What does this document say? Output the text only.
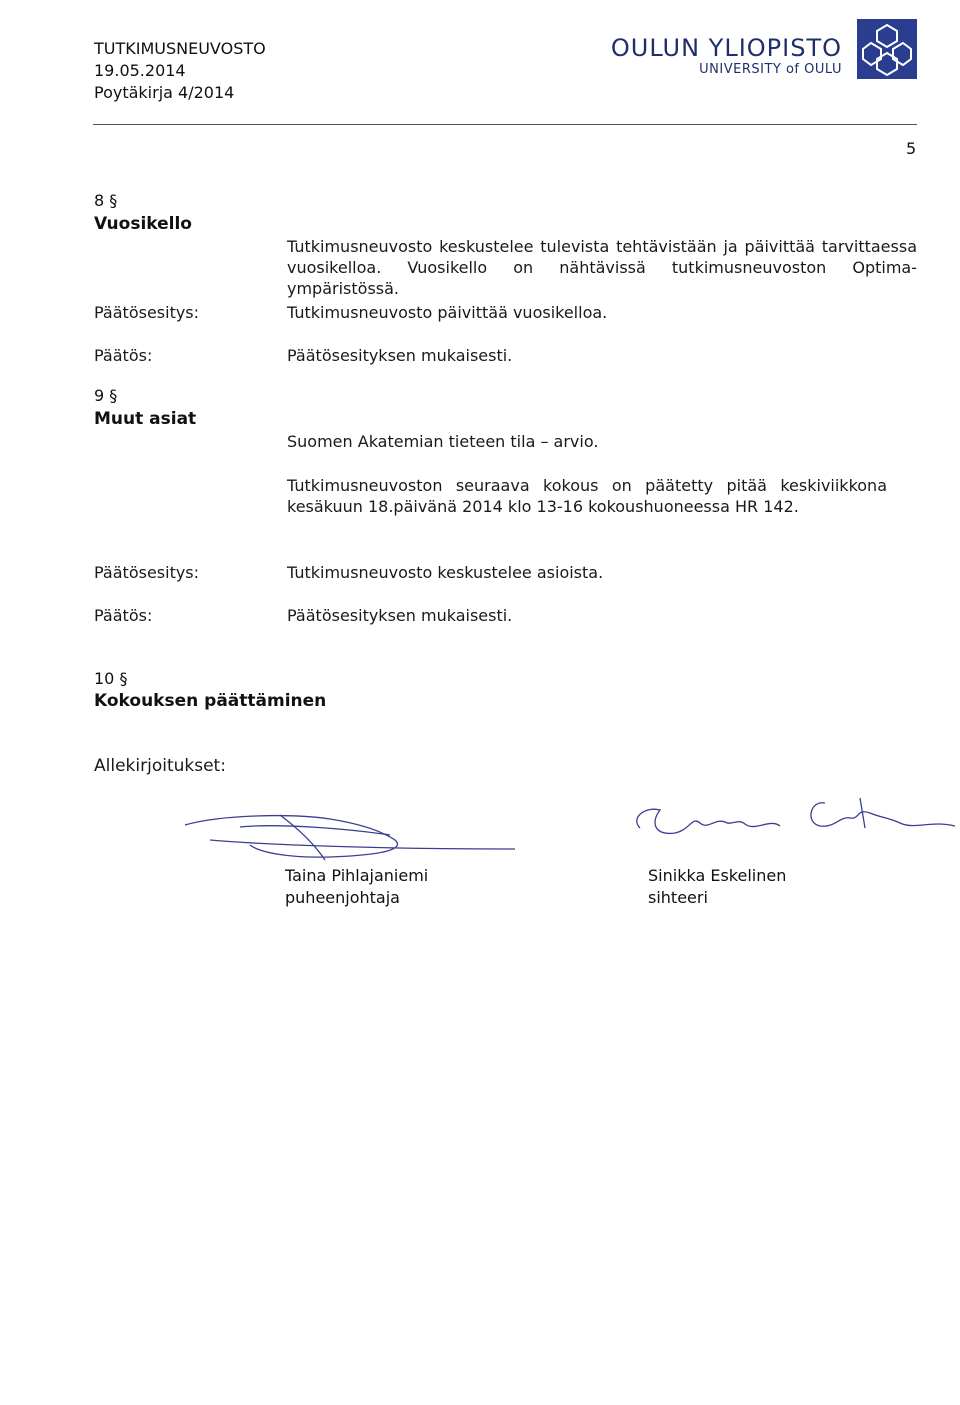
TUTKIMUSNEUVOSTO
19.05.2014
Poytäkirja 4/2014
OULUN YLIOPISTO
UNIVERSITY of OULU
5
8 §
Vuosikello
Tutkimusneuvosto keskustelee tulevista tehtävistään ja päivittää tarvittaessa vuosikelloa. Vuosikello on nähtävissä tutkimusneuvoston Optima-ympäristössä.
Päätösesitys:	Tutkimusneuvosto päivittää vuosikelloa.
Päätös:	Päätösesityksen mukaisesti.
9 §
Muut asiat
Suomen Akatemian tieteen tila – arvio.
Tutkimusneuvoston seuraava kokous on päätetty pitää keskiviikkona kesäkuun 18.päivänä 2014 klo 13-16 kokoushuoneessa HR 142.
Päätösesitys:	Tutkimusneuvosto keskustelee asioista.
Päätös:	Päätösesityksen mukaisesti.
10 §
Kokouksen päättäminen
Allekirjoitukset:
Taina Pihlajaniemi
puheenjohtaja
Sinikka Eskelinen
sihteeri
